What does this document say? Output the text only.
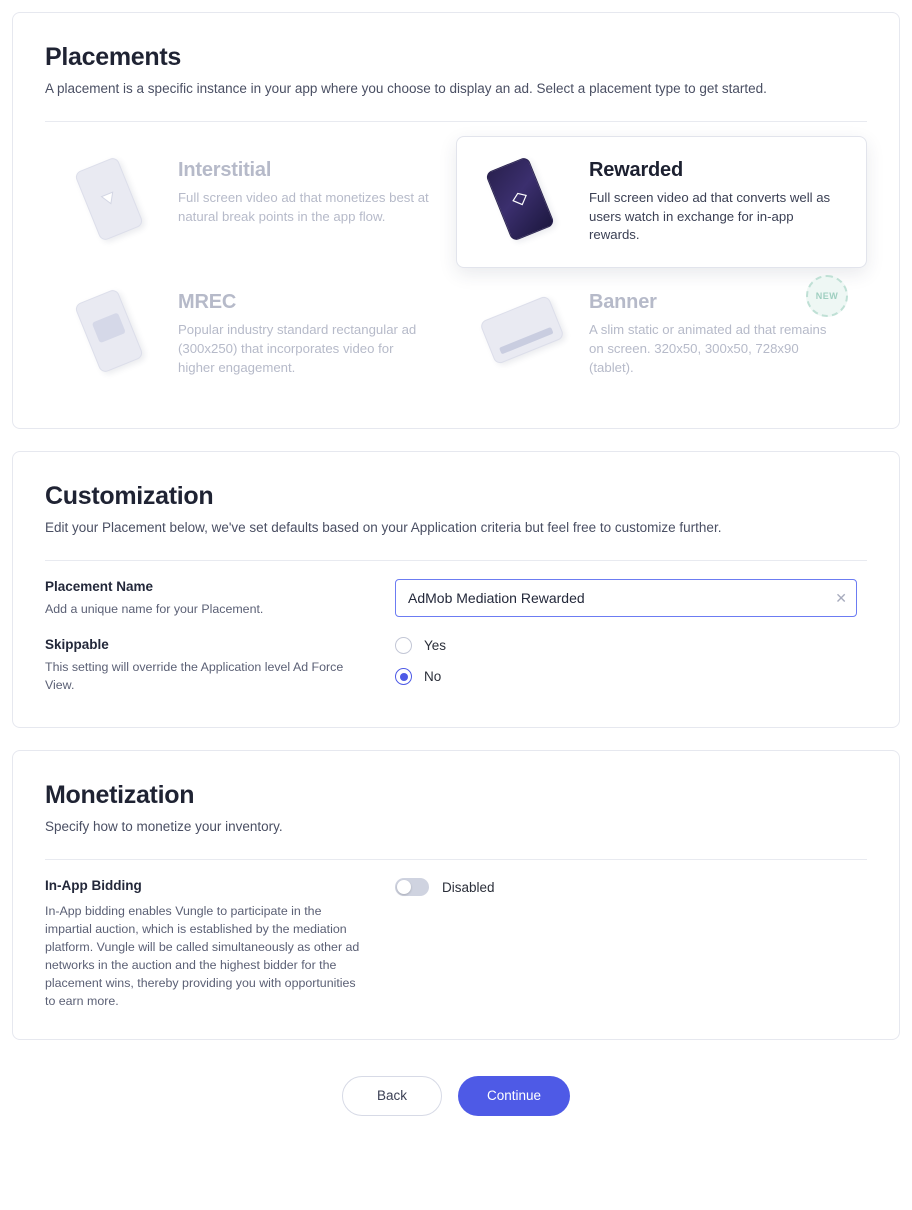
Placements

A placement is a specific instance in your app where you choose to display an ad. Select a placement type to get started.

Interstitial

Full screen video ad that monetizes best at natural break points in the app flow.

Rewarded

Full screen video ad that converts well as users watch in exchange for in-app rewards.

MREC

Popular industry standard rectangular ad (300x250) that incorporates video for higher engagement.

Banner

A slim static or animated ad that remains on screen. 320x50, 300x50, 728x90 (tablet).

NEW
Customization

Edit your Placement below, we've set defaults based on your Application criteria but feel free to customize further.

Placement Name
Add a unique name for your Placement.
AdMob Mediation Rewarded
✕
Skippable
This setting will override the Application level Ad Force View.
Yes
No
Monetization

Specify how to monetize your inventory.

In-App Bidding
In-App bidding enables Vungle to participate in the impartial auction, which is established by the mediation platform. Vungle will be called simultaneously as other ad networks in the auction and the highest bidder for the placement wins, thereby providing you with opportunities to earn more.
Disabled
Back	Continue
